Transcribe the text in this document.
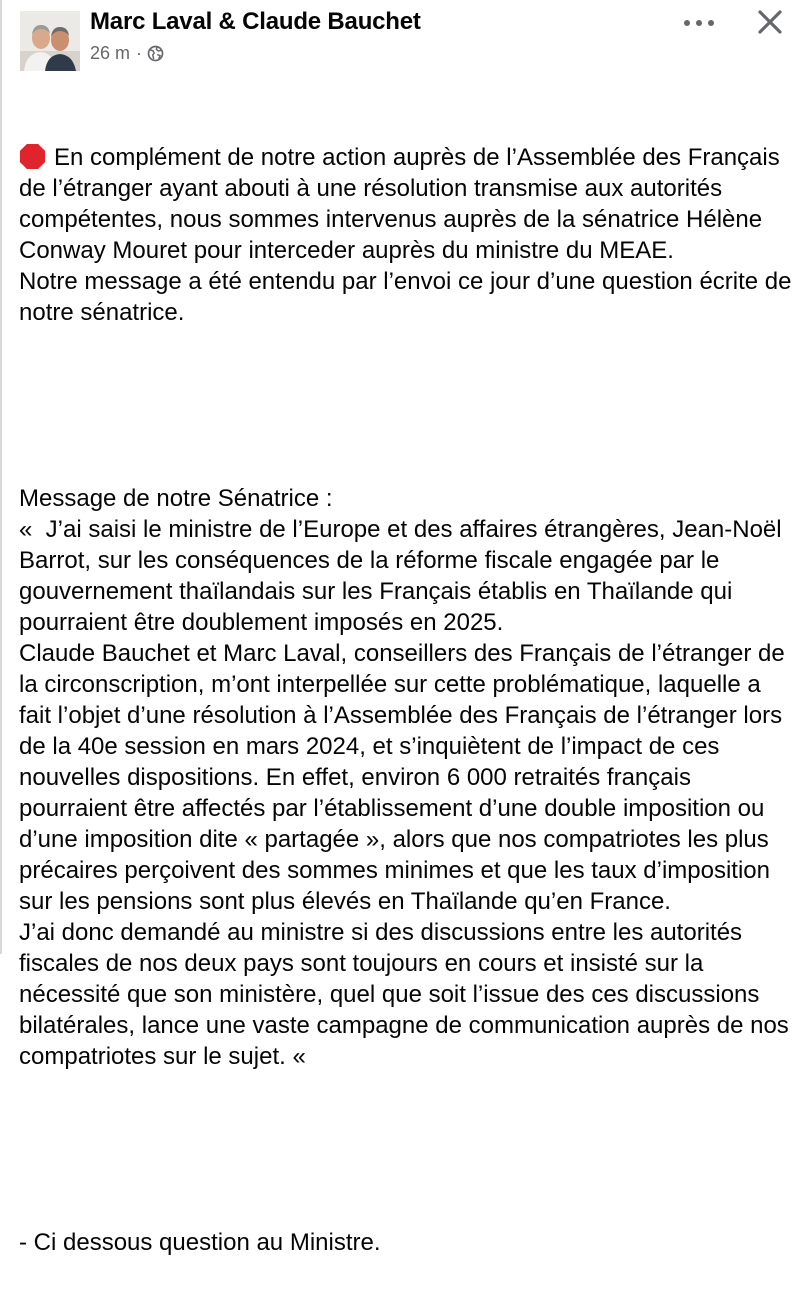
Marc Laval & Claude Bauchet
26 m ·

En complément de notre action auprès de l’Assemblée des Français de l’étranger ayant abouti à une résolution transmise aux autorités compétentes, nous sommes intervenus auprès de la sénatrice Hélène Conway Mouret pour interceder auprès du ministre du MEAE.
Notre message a été entendu par l’envoi ce jour d’une question écrite de notre sénatrice.

Message de notre Sénatrice :
«  J’ai saisi le ministre de l’Europe et des affaires étrangères, Jean-Noël Barrot, sur les conséquences de la réforme fiscale engagée par le gouvernement thaïlandais sur les Français établis en Thaïlande qui pourraient être doublement imposés en 2025.
Claude Bauchet et Marc Laval, conseillers des Français de l’étranger de la circonscription, m’ont interpellée sur cette problématique, laquelle a fait l’objet d’une résolution à l’Assemblée des Français de l’étranger lors de la 40e session en mars 2024, et s’inquiètent de l’impact de ces nouvelles dispositions. En effet, environ 6 000 retraités français pourraient être affectés par l’établissement d’une double imposition ou d’une imposition dite « partagée », alors que nos compatriotes les plus précaires perçoivent des sommes minimes et que les taux d’imposition sur les pensions sont plus élevés en Thaïlande qu’en France.
J’ai donc demandé au ministre si des discussions entre les autorités fiscales de nos deux pays sont toujours en cours et insisté sur la nécessité que son ministère, quel que soit l’issue des ces discussions bilatérales, lance une vaste campagne de communication auprès de nos compatriotes sur le sujet. «

- Ci dessous question au Ministre.
